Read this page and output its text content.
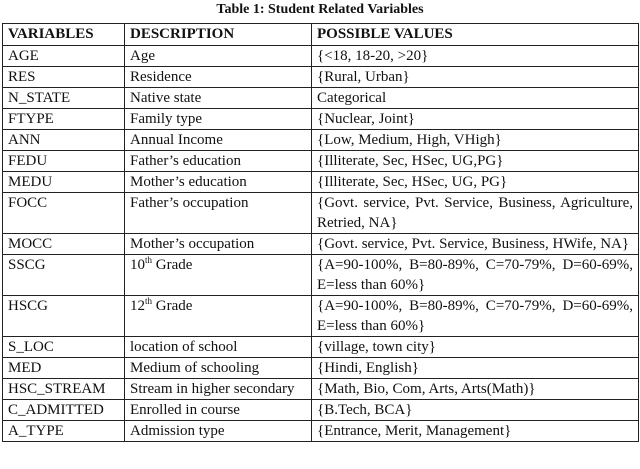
Table 1: Student Related Variables
VARIABLES	DESCRIPTION	POSSIBLE VALUES
AGE	Age	{<18, 18-20, >20}
RES	Residence	{Rural, Urban}
N_STATE	Native state	Categorical
FTYPE	Family type	{Nuclear, Joint}
ANN	Annual Income	{Low, Medium, High, VHigh}
FEDU	Father’s education	{Illiterate, Sec, HSec, UG,PG}
MEDU	Mother’s education	{Illiterate, Sec, HSec, UG, PG}
FOCC	Father’s occupation	{Govt. service, Pvt. Service, Business, Agriculture, Retried, NA}
MOCC	Mother’s occupation	{Govt. service, Pvt. Service, Business, HWife, NA}
SSCG	10th Grade	{A=90-100%, B=80-89%, C=70-79%, D=60-69%, E=less than 60%}
HSCG	12th Grade	{A=90-100%, B=80-89%, C=70-79%, D=60-69%, E=less than 60%}
S_LOC	location of school	{village, town city}
MED	Medium of schooling	{Hindi, English}
HSC_STREAM	Stream in higher secondary	{Math, Bio, Com, Arts, Arts(Math)}
C_ADMITTED	Enrolled in course	{B.Tech, BCA}
A_TYPE	Admission type	{Entrance, Merit, Management}
